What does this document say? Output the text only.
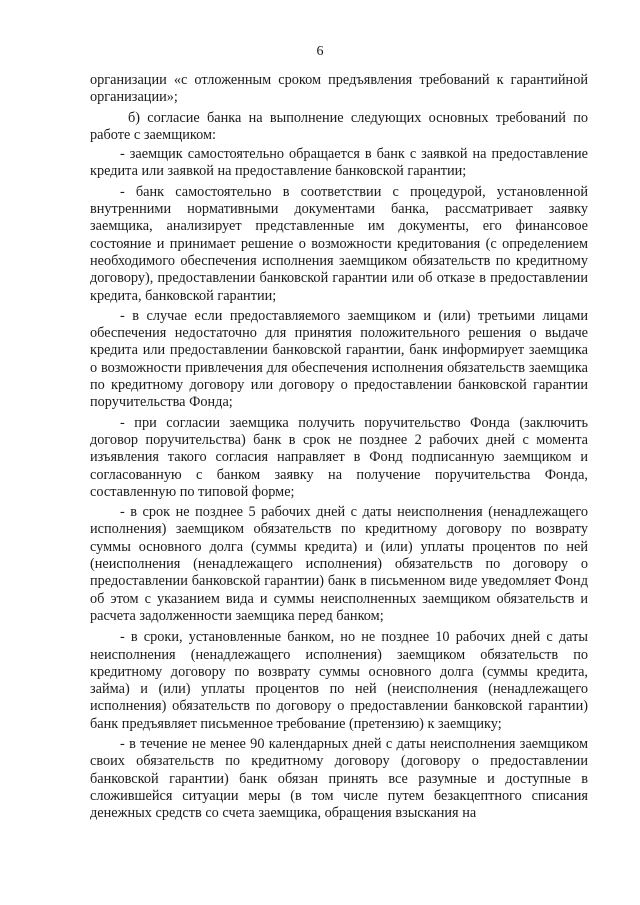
6

организации «с отложенным сроком предъявления требований к гарантийной организации»;

б) согласие банка на выполнение следующих основных требований по работе с заемщиком:

- заемщик самостоятельно обращается в банк с заявкой на предоставление кредита или заявкой на предоставление банковской гарантии;

- банк самостоятельно в соответствии с процедурой, установленной внутренними нормативными документами банка, рассматривает заявку заемщика, анализирует представленные им документы, его финансовое состояние и принимает решение о возможности кредитования (с определением необходимого обеспечения исполнения заемщиком обязательств по кредитному договору), предоставлении банковской гарантии или об отказе в предоставлении кредита, банковской гарантии;

- в случае если предоставляемого заемщиком и (или) третьими лицами обеспечения недостаточно для принятия положительного решения о выдаче кредита или предоставлении банковской гарантии, банк информирует заемщика о возможности привлечения для обеспечения исполнения обязательств заемщика по кредитному договору или договору о предоставлении банковской гарантии поручительства Фонда;

- при согласии заемщика получить поручительство Фонда (заключить договор поручительства) банк в срок не позднее 2 рабочих дней с момента изъявления такого согласия направляет в Фонд подписанную заемщиком и согласованную с банком заявку на получение поручительства Фонда, составленную по типовой форме;

- в срок не позднее 5 рабочих дней с даты неисполнения (ненадлежащего исполнения) заемщиком обязательств по кредитному договору по возврату суммы основного долга (суммы кредита) и (или) уплаты процентов по ней (неисполнения (ненадлежащего исполнения) обязательств по договору о предоставлении банковской гарантии) банк в письменном виде уведомляет Фонд об этом с указанием вида и суммы неисполненных заемщиком обязательств и расчета задолженности заемщика перед банком;

- в сроки, установленные банком, но не позднее 10 рабочих дней с даты неисполнения (ненадлежащего исполнения) заемщиком обязательств по кредитному договору по возврату суммы основного долга (суммы кредита, займа) и (или) уплаты процентов по ней (неисполнения (ненадлежащего исполнения) обязательств по договору о предоставлении банковской гарантии) банк предъявляет письменное требование (претензию) к заемщику;

- в течение не менее 90 календарных дней с даты неисполнения заемщиком своих обязательств по кредитному договору (договору о предоставлении банковской гарантии) банк обязан принять все разумные и доступные в сложившейся ситуации меры (в том числе путем безакцептного списания денежных средств со счета заемщика, обращения взыскания на
